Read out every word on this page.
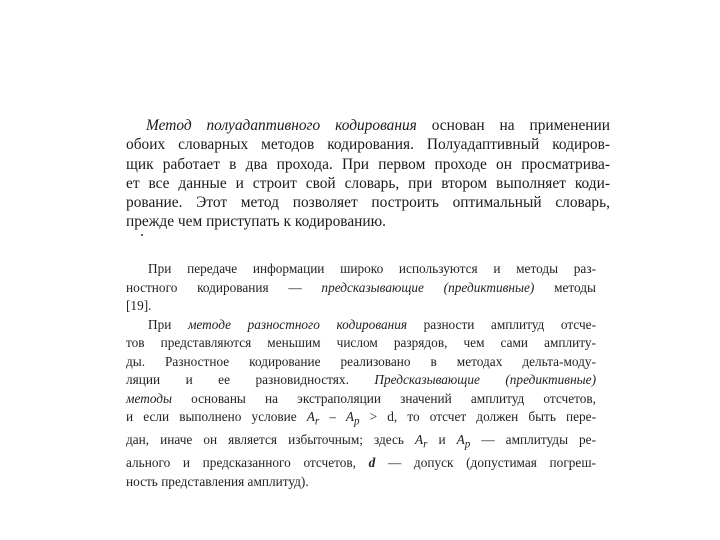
Метод полуадаптивного кодирования основан на применении
обоих словарных методов кодирования. Полуадаптивный кодиров-
щик работает в два прохода. При первом проходе он просматрива-
ет все данные и строит свой словарь, при втором выполняет коди-
рование. Этот метод позволяет построить оптимальный словарь,
прежде чем приступать к кодированию.
При передаче информации широко используются и методы раз-
ностного кодирования — предсказывающие (предиктивные) методы
[19].
При методе разностного кодирования разности амплитуд отсче-
тов представляются меньшим числом разрядов, чем сами амплиту-
ды. Разностное кодирование реализовано в методах дельта-моду-
ляции и ее разновидностях. Предсказывающие (предиктивные)
методы основаны на экстраполяции значений амплитуд отсчетов,
и если выполнено условие $A_r - A_p > d$, то отсчет должен быть пере-
дан, иначе он является избыточным; здесь $A_r$ и $A_p$ — амплитуды ре-
ального и предсказанного отсчетов, d — допуск (допустимая погреш-
ность представления амплитуд).
